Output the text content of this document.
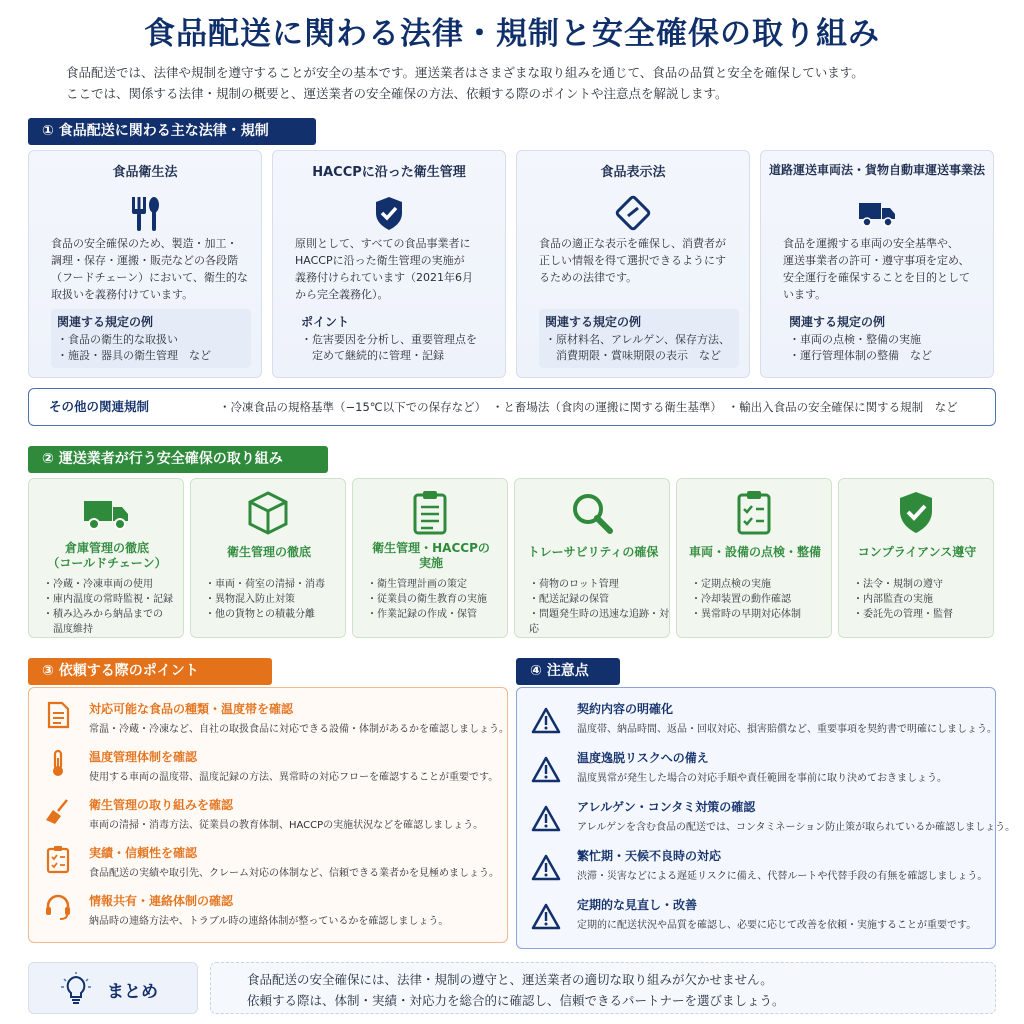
食品配送に関わる法律・規制と安全確保の取り組み
食品配送では、法律や規制を遵守することが安全の基本です。運送業者はさまざまな取り組みを通じて、食品の品質と安全を確保しています。
ここでは、関係する法律・規制の概要と、運送業者の安全確保の方法、依頼する際のポイントや注意点を解説します。
① 食品配送に関わる主な法律・規制
食品衛生法
食品の安全確保のため、製造・加工・
調理・保存・運搬・販売などの各段階
（フードチェーン）において、衛生的な
取扱いを義務付けています。
関連する規定の例
・食品の衛生的な取扱い
・施設・器具の衛生管理　など
HACCPに沿った衛生管理
原則として、すべての食品事業者に
HACCPに沿った衛生管理の実施が
義務付けられています（2021年6月
から完全義務化）。
ポイント
・危害要因を分析し、重要管理点を
　定めて継続的に管理・記録
食品表示法
食品の適正な表示を確保し、消費者が
正しい情報を得て選択できるようにす
るための法律です。
関連する規定の例
・原材料名、アレルゲン、保存方法、
　消費期限・賞味期限の表示　など
道路運送車両法・貨物自動車運送事業法
食品を運搬する車両の安全基準や、
運送事業者の許可・遵守事項を定め、
安全運行を確保することを目的として
います。
関連する規定の例
・車両の点検・整備の実施
・運行管理体制の整備　など
その他の関連規制	・冷凍食品の規格基準（−15℃以下での保存など）　・と畜場法（食肉の運搬に関する衛生基準）　・輸出入食品の安全確保に関する規制　など
② 運送業者が行う安全確保の取り組み
倉庫管理の徹底
（コールドチェーン）
・冷蔵・冷凍車両の使用
・庫内温度の常時監視・記録
・積み込みから納品までの
　温度維持
衛生管理の徹底
・車両・荷室の清掃・消毒
・異物混入防止対策
・他の貨物との積載分離
衛生管理・HACCPの
実施
・衛生管理計画の策定
・従業員の衛生教育の実施
・作業記録の作成・保管
トレーサビリティの確保
・荷物のロット管理
・配送記録の保管
・問題発生時の迅速な追跡・対応
車両・設備の点検・整備
・定期点検の実施
・冷却装置の動作確認
・異常時の早期対応体制
コンプライアンス遵守
・法令・規制の遵守
・内部監査の実施
・委託先の管理・監督
③ 依頼する際のポイント
対応可能な食品の種類・温度帯を確認
常温・冷蔵・冷凍など、自社の取扱食品に対応できる設備・体制があるかを確認しましょう。
温度管理体制を確認
使用する車両の温度帯、温度記録の方法、異常時の対応フローを確認することが重要です。
衛生管理の取り組みを確認
車両の清掃・消毒方法、従業員の教育体制、HACCPの実施状況などを確認しましょう。
実績・信頼性を確認
食品配送の実績や取引先、クレーム対応の体制など、信頼できる業者かを見極めましょう。
情報共有・連絡体制の確認
納品時の連絡方法や、トラブル時の連絡体制が整っているかを確認しましょう。
④ 注意点
契約内容の明確化
温度帯、納品時間、返品・回収対応、損害賠償など、重要事項を契約書で明確にしましょう。
温度逸脱リスクへの備え
温度異常が発生した場合の対応手順や責任範囲を事前に取り決めておきましょう。
アレルゲン・コンタミ対策の確認
アレルゲンを含む食品の配送では、コンタミネーション防止策が取られているか確認しましょう。
繁忙期・天候不良時の対応
渋滞・災害などによる遅延リスクに備え、代替ルートや代替手段の有無を確認しましょう。
定期的な見直し・改善
定期的に配送状況や品質を確認し、必要に応じて改善を依頼・実施することが重要です。
まとめ
食品配送の安全確保には、法律・規制の遵守と、運送業者の適切な取り組みが欠かせません。
依頼する際は、体制・実績・対応力を総合的に確認し、信頼できるパートナーを選びましょう。
